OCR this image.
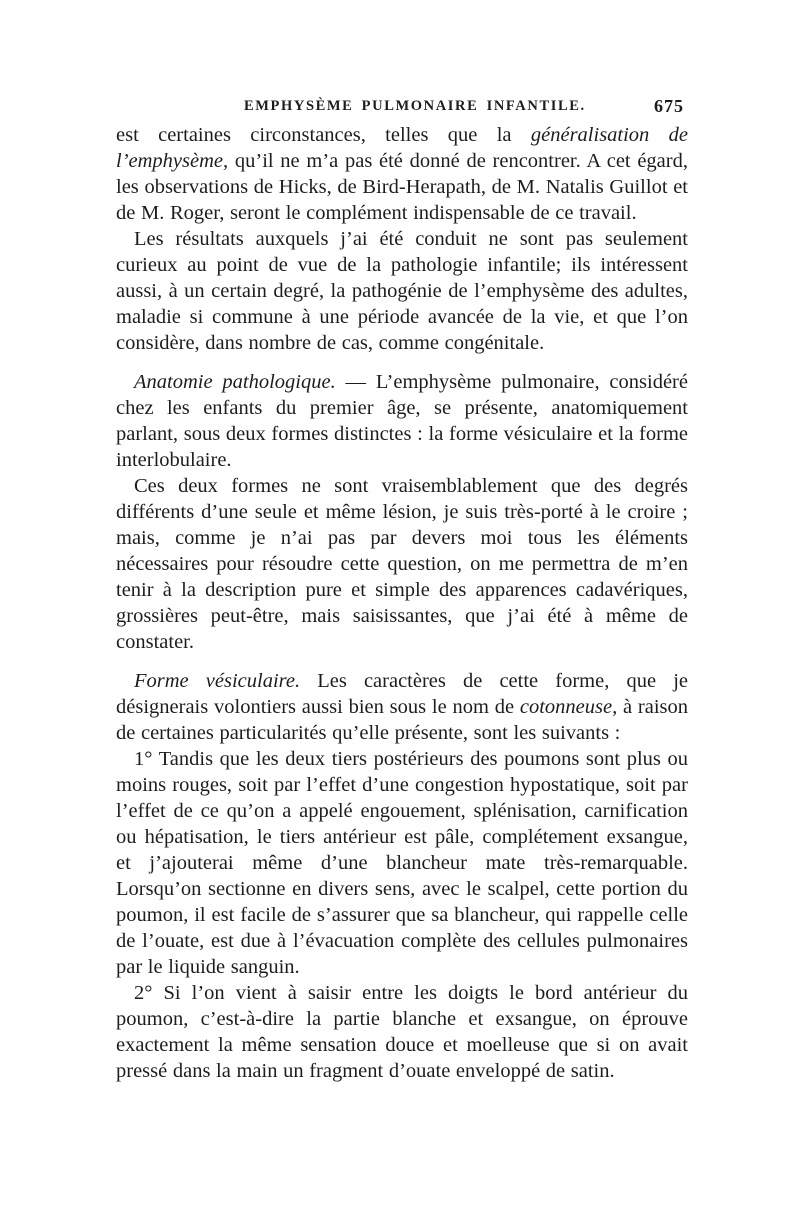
EMPHYSÈME PULMONAIRE INFANTILE.	675

est certaines circonstances, telles que la généralisation de l’emphysème, qu’il ne m’a pas été donné de rencontrer. A cet égard, les observations de Hicks, de Bird-Herapath, de M. Natalis Guillot et de M. Roger, seront le complément indispensable de ce travail.

Les résultats auxquels j’ai été conduit ne sont pas seulement curieux au point de vue de la pathologie infantile; ils intéressent aussi, à un certain degré, la pathogénie de l’emphysème des adultes, maladie si commune à une période avancée de la vie, et que l’on considère, dans nombre de cas, comme congénitale.

Anatomie pathologique. — L’emphysème pulmonaire, considéré chez les enfants du premier âge, se présente, anatomiquement parlant, sous deux formes distinctes : la forme vésiculaire et la forme interlobulaire.

Ces deux formes ne sont vraisemblablement que des degrés différents d’une seule et même lésion, je suis très-porté à le croire ; mais, comme je n’ai pas par devers moi tous les éléments nécessaires pour résoudre cette question, on me permettra de m’en tenir à la description pure et simple des apparences cadavériques, grossières peut-être, mais saisissantes, que j’ai été à même de constater.

Forme vésiculaire. Les caractères de cette forme, que je désignerais volontiers aussi bien sous le nom de cotonneuse, à raison de certaines particularités qu’elle présente, sont les suivants :

1° Tandis que les deux tiers postérieurs des poumons sont plus ou moins rouges, soit par l’effet d’une congestion hypostatique, soit par l’effet de ce qu’on a appelé engouement, splénisation, carnification ou hépatisation, le tiers antérieur est pâle, complétement exsangue, et j’ajouterai même d’une blancheur mate très-remarquable. Lorsqu’on sectionne en divers sens, avec le scalpel, cette portion du poumon, il est facile de s’assurer que sa blancheur, qui rappelle celle de l’ouate, est due à l’évacuation complète des cellules pulmonaires par le liquide sanguin.

2° Si l’on vient à saisir entre les doigts le bord antérieur du poumon, c’est-à-dire la partie blanche et exsangue, on éprouve exactement la même sensation douce et moelleuse que si on avait pressé dans la main un fragment d’ouate enveloppé de satin.
